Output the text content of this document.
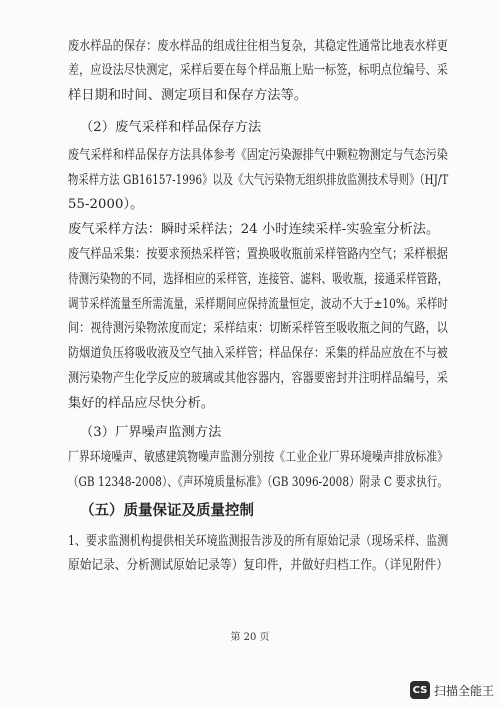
废水样品的保存：废水样品的组成往往相当复杂，其稳定性通常比地表水样更
差，应设法尽快测定，采样后要在每个样品瓶上贴一标签，标明点位编号、采
样日期和时间、测定项目和保存方法等。
（2）废气采样和样品保存方法
废气采样和样品保存方法具体参考《固定污染源排气中颗粒物测定与气态污染
物采样方法 GB16157-1996》以及《大气污染物无组织排放监测技术导则》（HJ/T
55-2000）。
废气采样方法：瞬时采样法；24 小时连续采样-实验室分析法。
废气样品采集：按要求预热采样管；置换吸收瓶前采样管路内空气；采样根据
待测污染物的不同，选择相应的采样管，连接管、滤料、吸收瓶，接通采样管路，
调节采样流量至所需流量，采样期间应保持流量恒定，波动不大于±10%。采样时
间：视待测污染物浓度而定；采样结束：切断采样管至吸收瓶之间的气路，以
防烟道负压将吸收液及空气抽入采样管；样品保存：采集的样品应放在不与被
测污染物产生化学反应的玻璃或其他容器内，容器要密封并注明样品编号，采
集好的样品应尽快分析。
（3）厂界噪声监测方法
厂界环境噪声、敏感建筑物噪声监测分别按《工业企业厂界环境噪声排放标准》
（GB 12348-2008）、《声环境质量标准》（GB 3096-2008）附录 C 要求执行。
（五）质量保证及质量控制
1、要求监测机构提供相关环境监测报告涉及的所有原始记录（现场采样、监测
原始记录、分析测试原始记录等）复印件，并做好归档工作。（详见附件）
第 20 页
CS 扫描全能王
